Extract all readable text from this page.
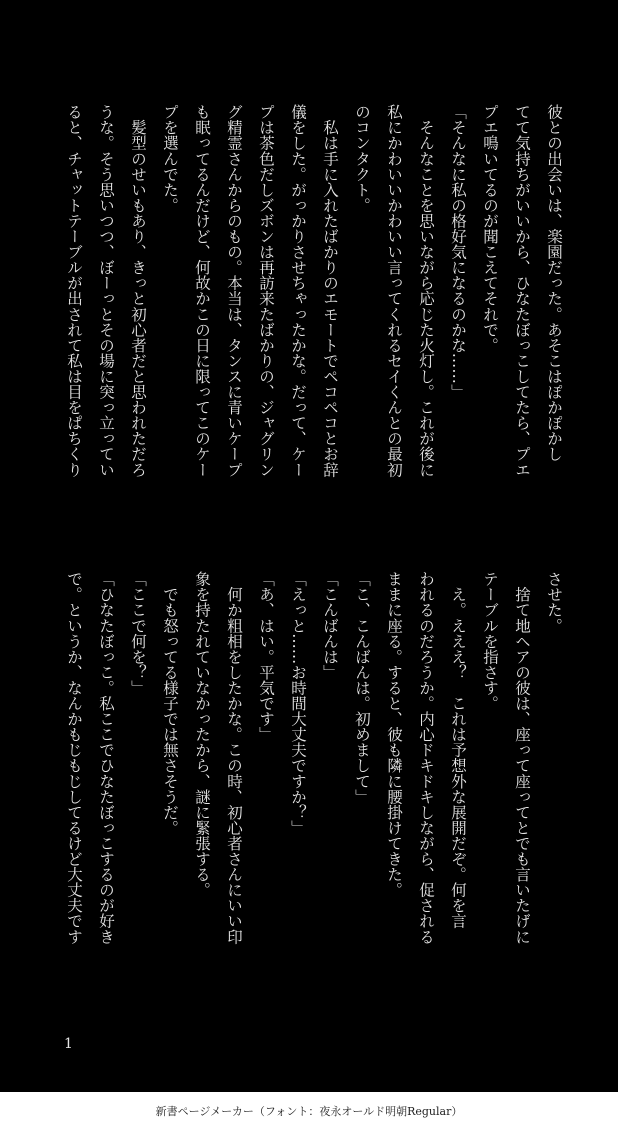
彼との出会いは、楽園だった。あそこはぽかぽかし
てて気持ちがいいから、ひなたぼっこしてたら、プエ
プエ鳴いてるのが聞こえてそれで。
「そんなに私の格好気になるのかな……」
　そんなことを思いながら応じた火灯し。これが後に
私にかわいいかわいい言ってくれるセイくんとの最初
のコンタクト。
　私は手に入れたばかりのエモートでペコペコとお辞
儀をした。がっかりさせちゃったかな。だって、ケー
プは茶色だしズボンは再訪来たばかりの、ジャグリン
グ精霊さんからのもの。本当は、タンスに青いケープ
も眠ってるんだけど、何故かこの日に限ってこのケー
プを選んでた。
　髪型のせいもあり、きっと初心者だと思われただろ
うな。そう思いつつ、ぼーっとその場に突っ立ってい
ると、チャットテーブルが出されて私は目をぱちくり
させた。
　捨て地ヘアの彼は、座って座ってとでも言いたげに
テーブルを指さす。
　え。えええ？　これは予想外な展開だぞ。何を言
われるのだろうか。内心ドキドキしながら、促される
ままに座る。すると、彼も隣に腰掛けてきた。
「こ、こんばんは。初めまして」
「こんばんは」
「えっと……お時間大丈夫ですか？」
「あ、はい。平気です」
　何か粗相をしたかな。この時、初心者さんにいい印
象を持たれていなかったから、謎に緊張する。
　でも怒ってる様子では無さそうだ。
「ここで何を？」
「ひなたぼっこ。私ここでひなたぼっこするのが好き
で。というか、なんかもじもじしてるけど大丈夫です
1
新書ページメーカー（フォント：夜永オールド明朝Regular）
